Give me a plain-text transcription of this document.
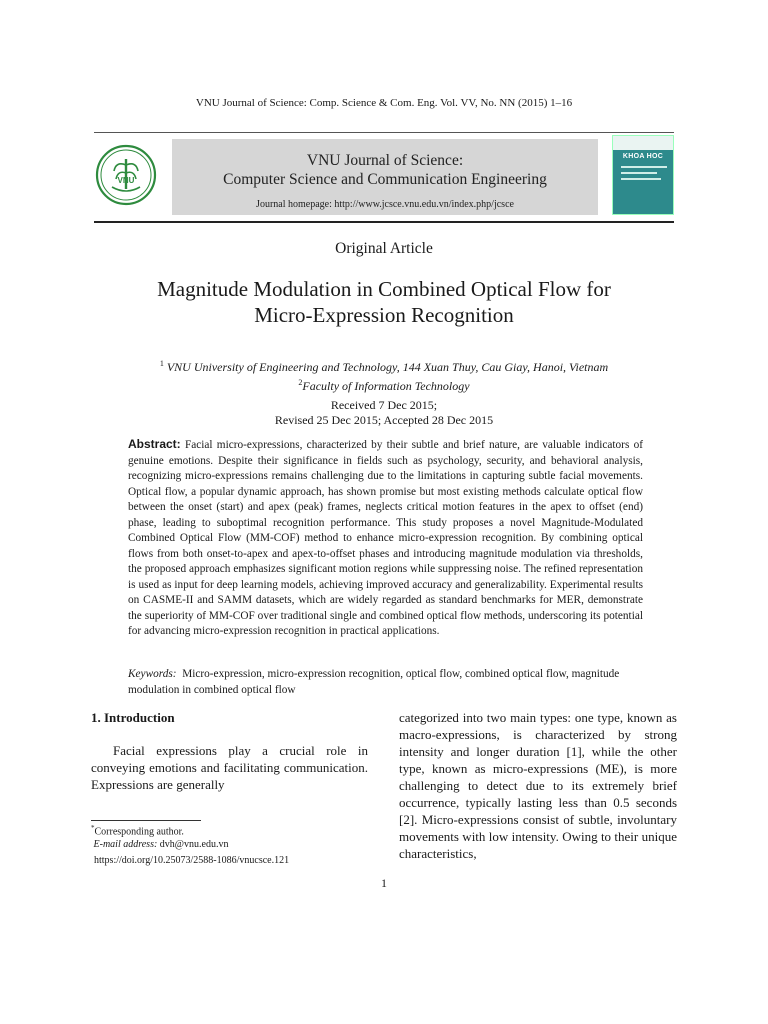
VNU Journal of Science: Comp. Science & Com. Eng. Vol. VV, No. NN (2015) 1–16
VNU
VNU Journal of Science:
Computer Science and Communication Engineering
Journal homepage: http://www.jcsce.vnu.edu.vn/index.php/jcsce
KHOA HOC
Original Article
Magnitude Modulation in Combined Optical Flow for
Micro-Expression Recognition
$^1$ VNU University of Engineering and Technology, 144 Xuan Thuy, Cau Giay, Hanoi, Vietnam
$^2$Faculty of Information Technology
Received 7 Dec 2015;
Revised 25 Dec 2015; Accepted 28 Dec 2015
Abstract: Facial micro-expressions, characterized by their subtle and brief nature, are valuable indicators of genuine emotions. Despite their significance in fields such as psychology, security, and behavioral analysis, recognizing micro-expressions remains challenging due to the limitations in capturing subtle facial movements. Optical flow, a popular dynamic approach, has shown promise but most existing methods calculate optical flow between the onset (start) and apex (peak) frames, neglects critical motion features in the apex to offset (end) phase, leading to suboptimal recognition performance. This study proposes a novel Magnitude-Modulated Combined Optical Flow (MM-COF) method to enhance micro-expression recognition. By combining optical flows from both onset-to-apex and apex-to-offset phases and introducing magnitude modulation via thresholds, the proposed approach emphasizes significant motion regions while suppressing noise. The refined representation is used as input for deep learning models, achieving improved accuracy and generalizability. Experimental results on CASME-II and SAMM datasets, which are widely regarded as standard benchmarks for MER, demonstrate the superiority of MM-COF over traditional single and combined optical flow methods, underscoring its potential for advancing micro-expression recognition in practical applications.
Keywords: Micro-expression, micro-expression recognition, optical flow, combined optical flow, magnitude modulation in combined optical flow
1. Introduction
Facial expressions play a crucial role in conveying emotions and facilitating communication. Expressions are generally
categorized into two main types: one type, known as macro-expressions, is characterized by strong intensity and longer duration [1], while the other type, known as micro-expressions (ME), is more challenging to detect due to its extremely brief occurrence, typically lasting less than 0.5 seconds [2]. Micro-expressions consist of subtle, involuntary movements with low intensity. Owing to their unique characteristics,
*Corresponding author.
E-mail address: dvh@vnu.edu.vn
https://doi.org/10.25073/2588-1086/vnucsce.121
1
